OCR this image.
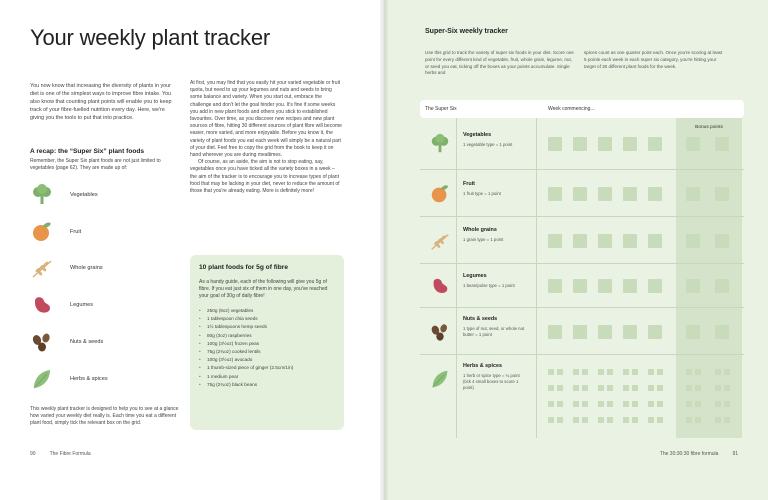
Your weekly plant tracker

You now know that increasing the diversity of plants in your diet is one of the simplest ways to improve fibre intake. You also know that counting plant points will enable you to keep track of your fibre-fuelled nutrition every day. Here, we're giving you the tools to put that into practice.

A recap: the “Super Six” plant foods

Remember, the Super Six plant foods are not just limited to vegetables (page 62). They are made up of:

Vegetables
Fruit
Whole grains
Legumes
Nuts & seeds
Herbs & spices

This weekly plant tracker is designed to help you to see at a glance how varied your weekly diet really is. Each time you eat a different plant food, simply tick the relevant box on the grid.

At first, you may find that you easily hit your varied vegetable or fruit quota, but need to up your legumes and nuts and seeds to bring some balance and variety. When you start out, embrace the challenge and don't let the goal hinder you. It's fine if some weeks you add in new plant foods and others you stick to established favourites. Over time, as you discover new recipes and new plant sources of fibre, hitting 30 different sources of plant fibre will become easier, more varied, and more enjoyable. Before you know it, the variety of plant foods you eat each week will simply be a natural part of your diet. Feel free to copy the grid from the book to keep it on hand wherever you are during mealtimes.

Of course, as an aside, the aim is not to stop eating, say, vegetables once you have ticked all the variety boxes in a week – the aim of the tracker is to encourage you to increase types of plant food that may be lacking in your diet, never to reduce the amount of those that you're already eating. More is definitely more!

10 plant foods for 5g of fibre

As a handy guide, each of the following will give you 5g of fibre. If you eat just six of them in one day, you've reached your goal of 30g of daily fibre!

•	250g (9oz) vegetables
•	1 tablespoon chia seeds
•	1½ tablespoons hemp seeds
•	80g (3oz) raspberries
•	100g (3½oz) frozen peas
•	75g (2¾oz) cooked lentils
•	100g (3½oz) avocado
•	1 thumb-sized piece of ginger (2.5cm/1in)
•	1 medium pear
•	75g (2¾oz) black beans
90	The Fibre Formula
Super-Six weekly tracker

Use this grid to track the variety of super six foods in your diet. Score one point for every different kind of vegetable, fruit, whole grain, legume, nut, or seed you eat, ticking off the boxes as your points accumulate. Single herbs and

spices count as one quarter point each. Once you're scoring at least 5 points each week in each super six category, you're hitting your target of 30 different plant foods for the week.

Bonus points
The Super Six	Week commencing...
Vegetables
1 vegetable type = 1 point
Fruit
1 fruit type = 1 point
Whole grains
1 grain type = 1 point
Legumes
1 bean/pulse type = 1 point
Nuts & seeds
1 type of nut, seed, or whole nut butter = 1 point
Herbs & spices
1 herb or spice type = ¼ point (tick 4 small boxes to score 1 point)
The 30:30:30 fibre formula	91
